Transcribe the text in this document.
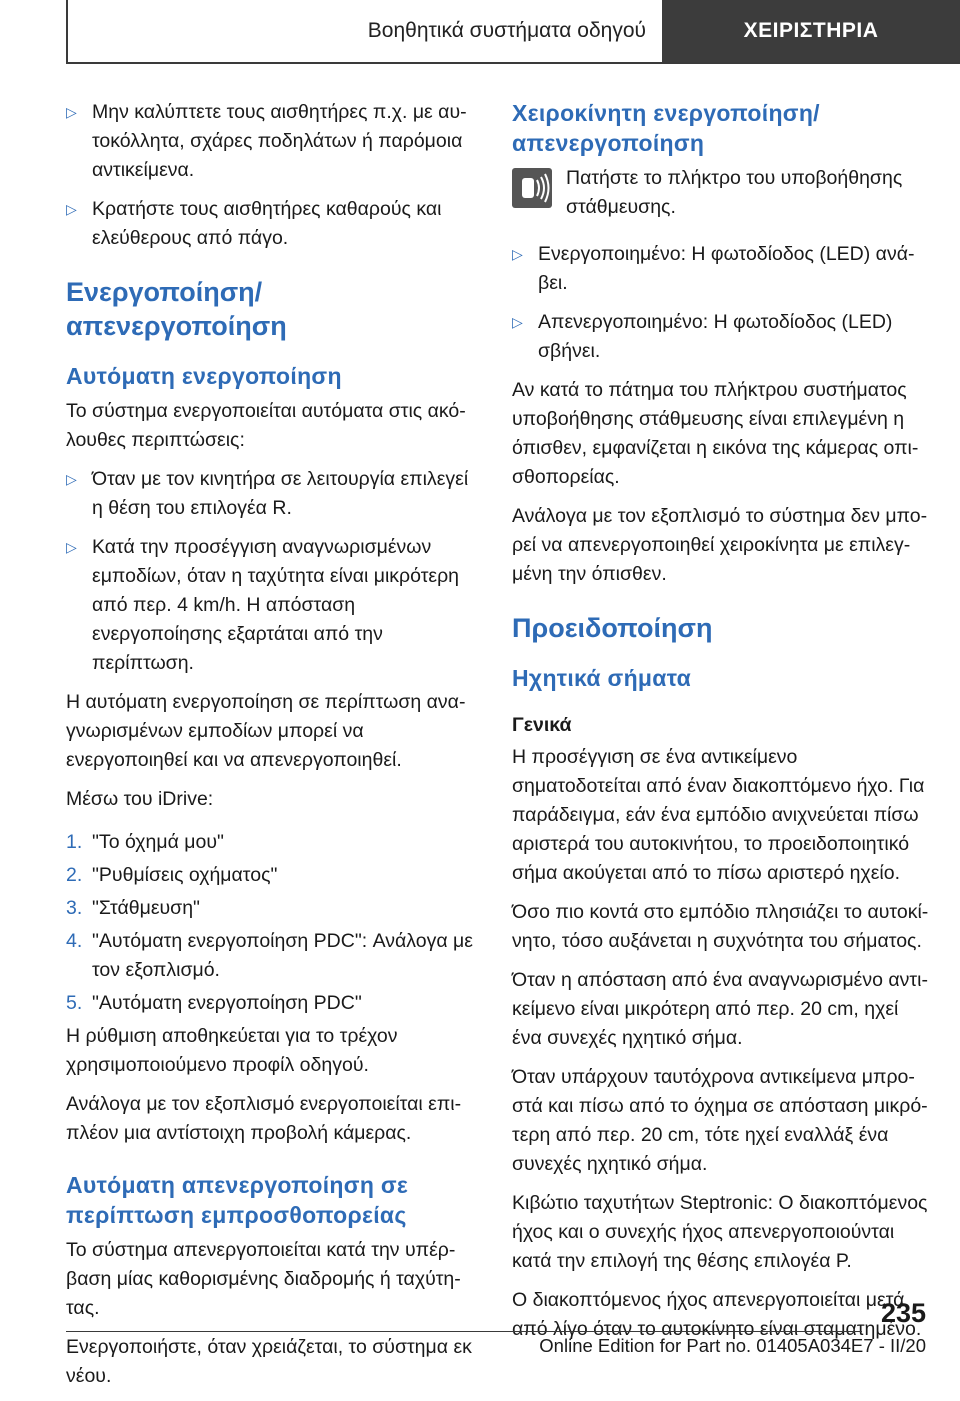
Βοηθητικά συστήματα οδηγού	ΧΕΙΡΙΣΤΗΡΙΑ
▷ Μην καλύπτετε τους αισθητήρες π.χ. με αυτοκόλλητα, σχάρες ποδηλάτων ή παρόμοια αντικείμενα.
▷ Κρατήστε τους αισθητήρες καθαρούς και ελεύθερους από πάγο.
Ενεργοποίηση/απενεργοποίηση
Αυτόματη ενεργοποίηση

Το σύστημα ενεργοποιείται αυτόματα στις ακόλουθες περιπτώσεις:

▷ Όταν με τον κινητήρα σε λειτουργία επιλεγεί η θέση του επιλογέα R.
▷ Κατά την προσέγγιση αναγνωρισμένων εμποδίων, όταν η ταχύτητα είναι μικρότερη από περ. 4 km/h. Η απόσταση ενεργοποίησης εξαρτάται από την περίπτωση.

Η αυτόματη ενεργοποίηση σε περίπτωση αναγνωρισμένων εμποδίων μπορεί να ενεργοποιηθεί και να απενεργοποιηθεί.

Μέσω του iDrive:

1. "Το όχημά μου"
2. "Ρυθμίσεις οχήματος"
3. "Στάθμευση"
4. "Αυτόματη ενεργοποίηση PDC": Ανάλογα με τον εξοπλισμό.
5. "Αυτόματη ενεργοποίηση PDC"

Η ρύθμιση αποθηκεύεται για το τρέχον χρησιμοποιούμενο προφίλ οδηγού.

Ανάλογα με τον εξοπλισμό ενεργοποιείται επιπλέον μια αντίστοιχη προβολή κάμερας.

Αυτόματη απενεργοποίηση σε περίπτωση εμπροσθοπορείας

Το σύστημα απενεργοποιείται κατά την υπέρβαση μίας καθορισμένης διαδρομής ή ταχύτητας.

Ενεργοποιήστε, όταν χρειάζεται, το σύστημα εκ νέου.

Χειροκίνητη ενεργοποίηση/ απενεργοποίηση

Πατήστε το πλήκτρο του υποβοήθησης στάθμευσης.

▷ Ενεργοποιημένο: Η φωτοδίοδος (LED) ανάβει.
▷ Απενεργοποιημένο: Η φωτοδίοδος (LED) σβήνει.

Αν κατά το πάτημα του πλήκτρου συστήματος υποβοήθησης στάθμευσης είναι επιλεγμένη η όπισθεν, εμφανίζεται η εικόνα της κάμερας οπισθοπορείας.

Ανάλογα με τον εξοπλισμό το σύστημα δεν μπορεί να απενεργοποιηθεί χειροκίνητα με επιλεγμένη την όπισθεν.

Προειδοποίηση
Ηχητικά σήματα
Γενικά

Η προσέγγιση σε ένα αντικείμενο σηματοδοτείται από έναν διακοπτόμενο ήχο. Για παράδειγμα, εάν ένα εμπόδιο ανιχνεύεται πίσω αριστερά του αυτοκινήτου, το προειδοποιητικό σήμα ακούγεται από το πίσω αριστερό ηχείο.

Όσο πιο κοντά στο εμπόδιο πλησιάζει το αυτοκίνητο, τόσο αυξάνεται η συχνότητα του σήματος.

Όταν η απόσταση από ένα αναγνωρισμένο αντικείμενο είναι μικρότερη από περ. 20 cm, ηχεί ένα συνεχές ηχητικό σήμα.

Όταν υπάρχουν ταυτόχρονα αντικείμενα μπροστά και πίσω από το όχημα σε απόσταση μικρότερη από περ. 20 cm, τότε ηχεί εναλλάξ ένα συνεχές ηχητικό σήμα.

Κιβώτιο ταχυτήτων Steptronic: Ο διακοπτόμενος ήχος και ο συνεχής ήχος απενεργοποιούνται κατά την επιλογή της θέσης επιλογέα P.

Ο διακοπτόμενος ήχος απενεργοποιείται μετά από λίγο όταν το αυτοκίνητο είναι σταματημένο.

235
Online Edition for Part no. 01405A034E7 - II/20
